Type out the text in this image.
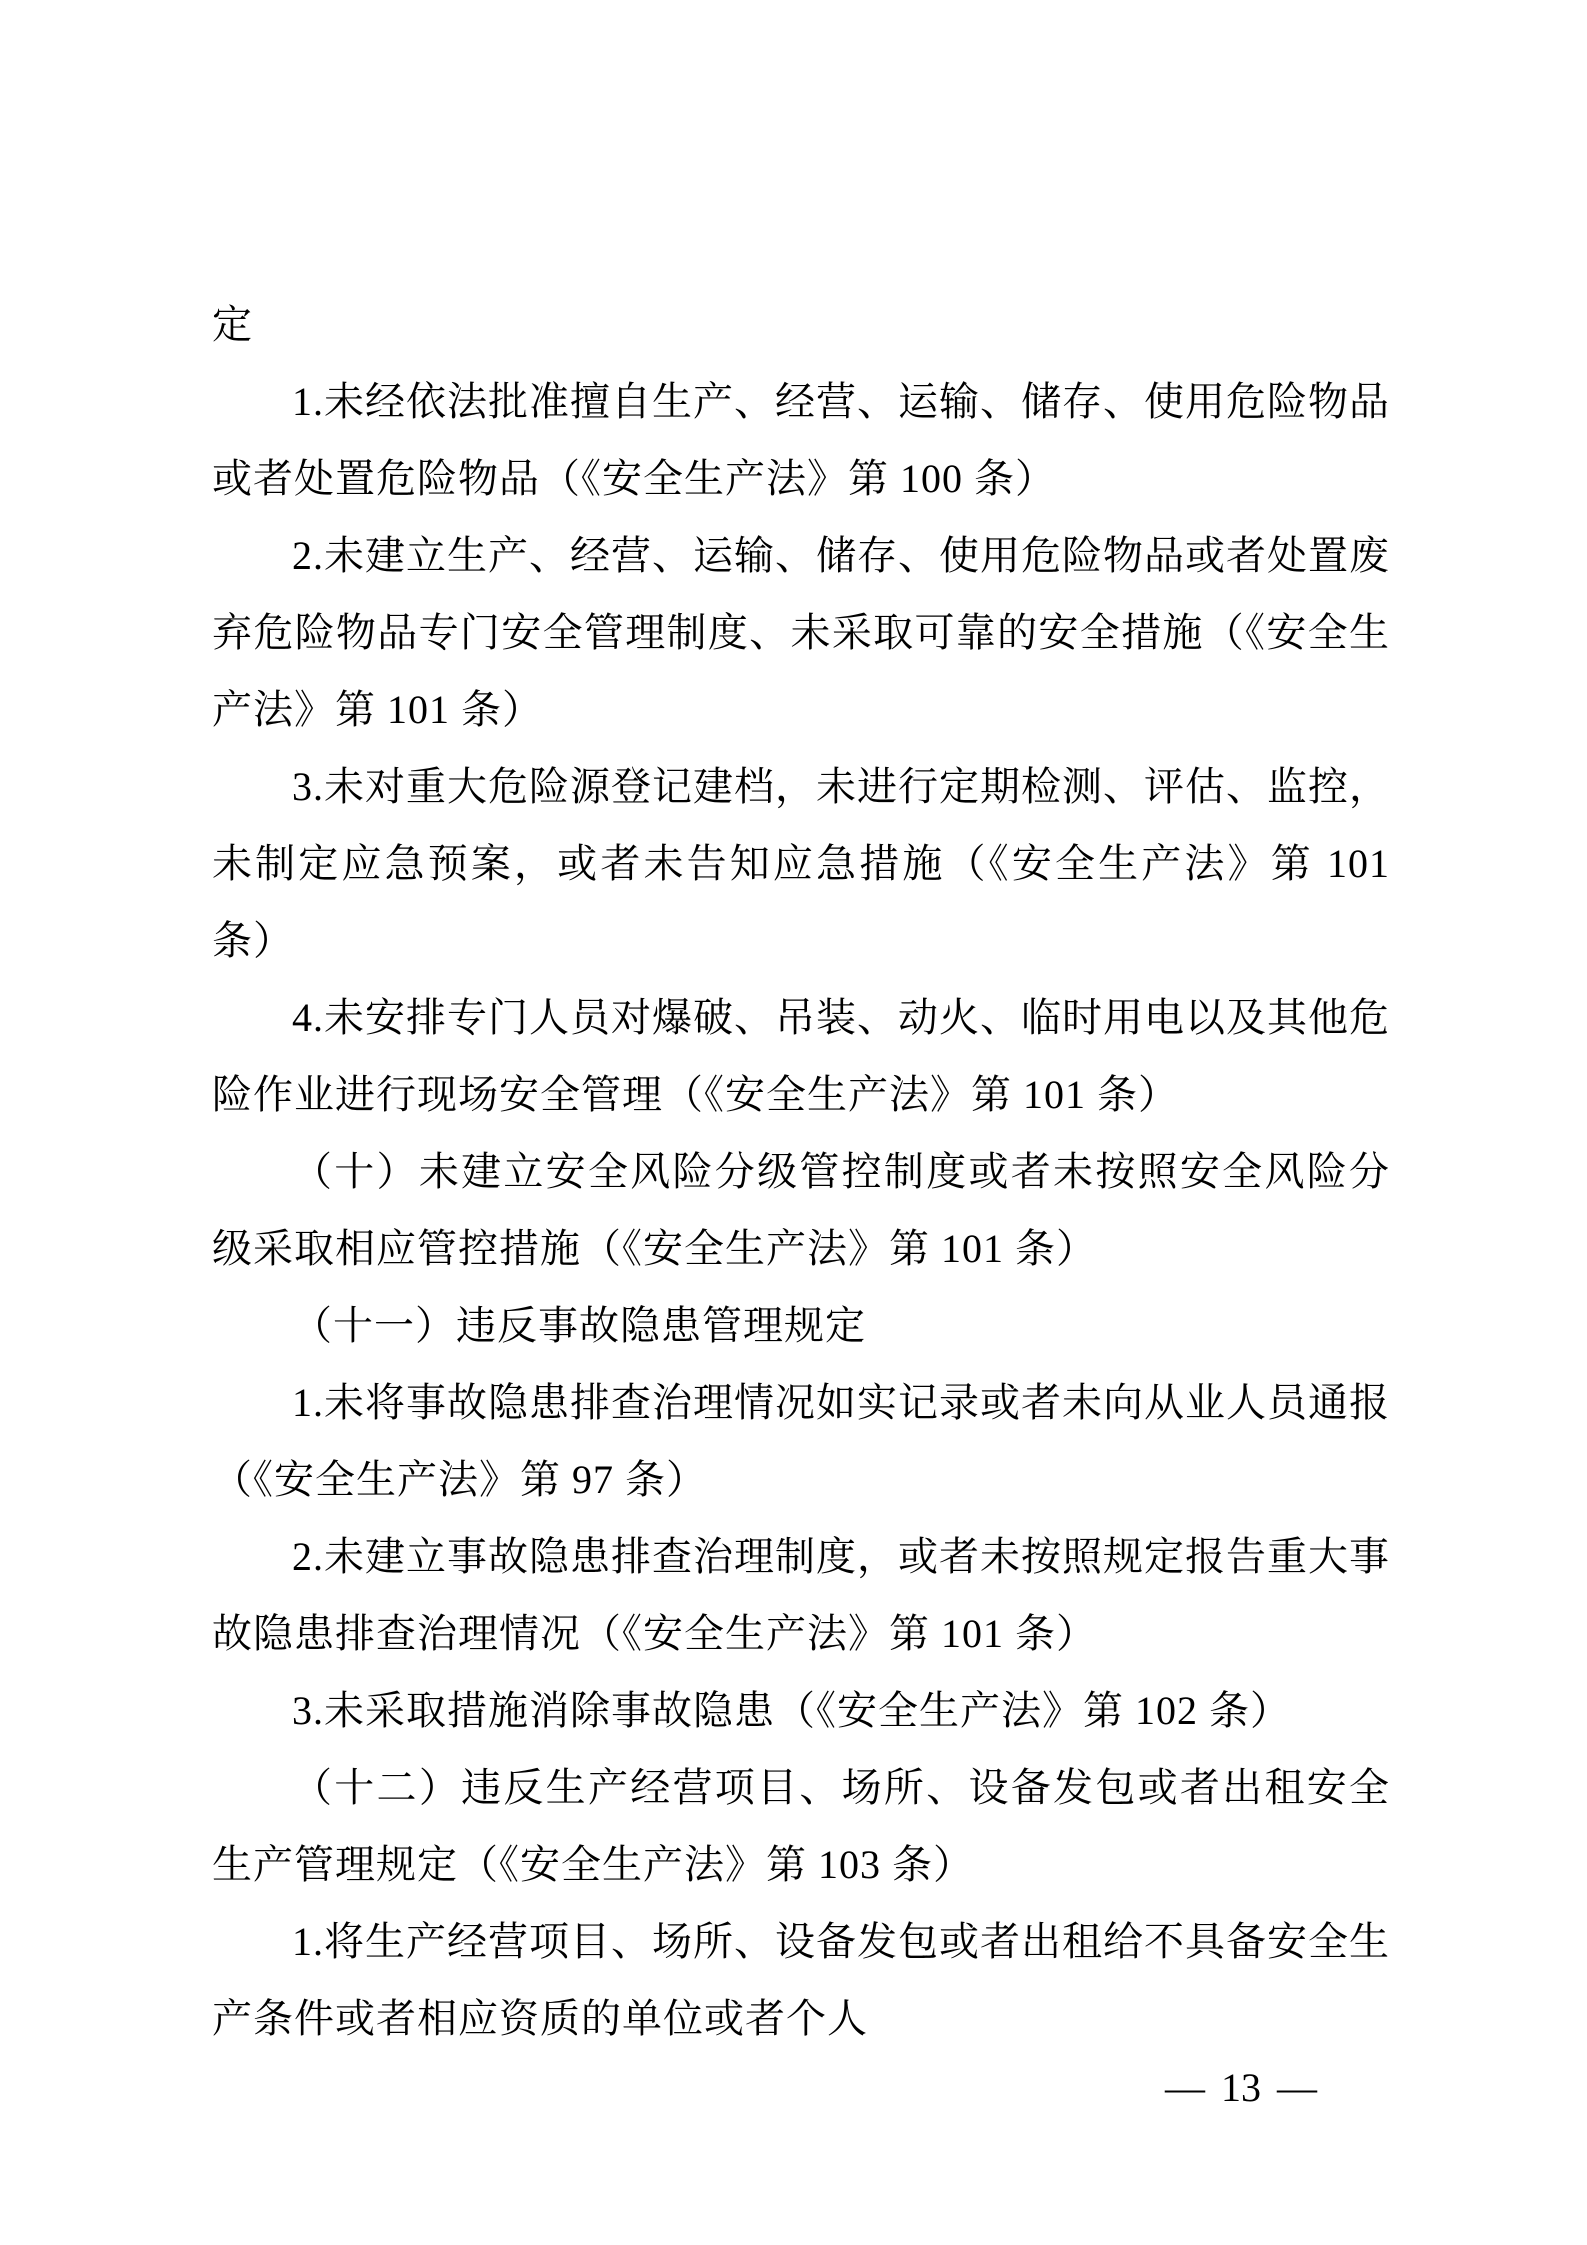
定

1.未经依法批准擅自生产、经营、运输、储存、使用危险物品或者处置危险物品（《安全生产法》第 100 条）

2.未建立生产、经营、运输、储存、使用危险物品或者处置废弃危险物品专门安全管理制度、未采取可靠的安全措施（《安全生产法》第 101 条）

3.未对重大危险源登记建档，未进行定期检测、评估、监控，未制定应急预案，或者未告知应急措施（《安全生产法》第 101 条）

4.未安排专门人员对爆破、吊装、动火、临时用电以及其他危险作业进行现场安全管理（《安全生产法》第 101 条）

（十）未建立安全风险分级管控制度或者未按照安全风险分级采取相应管控措施（《安全生产法》第 101 条）

（十一）违反事故隐患管理规定

1.未将事故隐患排查治理情况如实记录或者未向从业人员通报（《安全生产法》第 97 条）

2.未建立事故隐患排查治理制度，或者未按照规定报告重大事故隐患排查治理情况（《安全生产法》第 101 条）

3.未采取措施消除事故隐患（《安全生产法》第 102 条）

（十二）违反生产经营项目、场所、设备发包或者出租安全生产管理规定（《安全生产法》第 103 条）

1.将生产经营项目、场所、设备发包或者出租给不具备安全生产条件或者相应资质的单位或者个人

— 13 —
